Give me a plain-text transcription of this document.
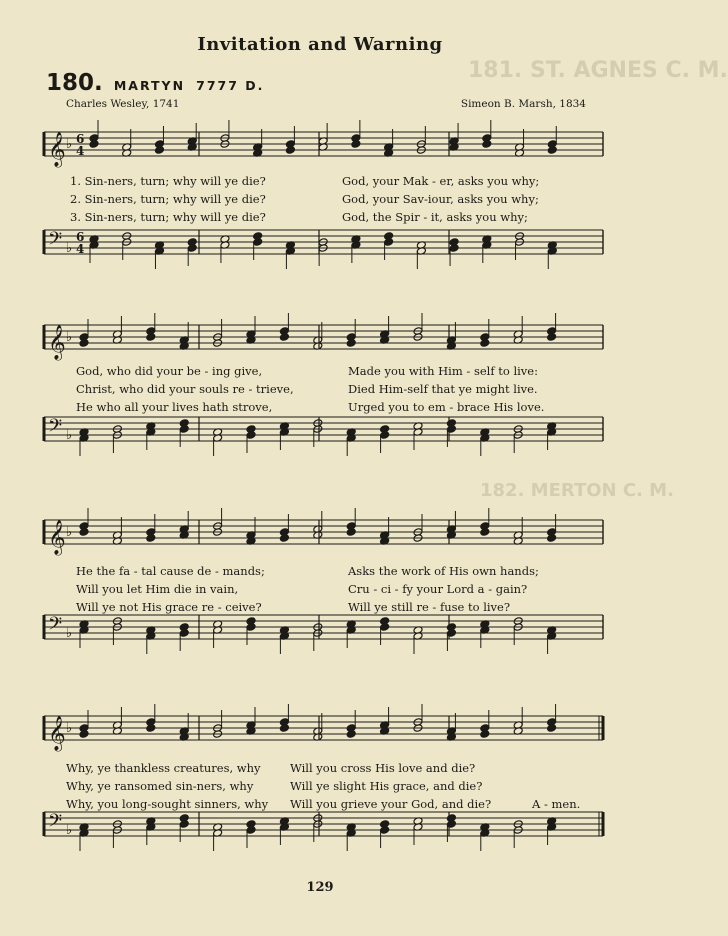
181. ST. AGNES C. M.
182. MERTON C. M.
Invitation and Warning
180. MARTYN 7777 D.
Charles Wesley, 1741	Simeon B. Marsh, 1834
𝄞 ♭ 6
4
1. Sin-ners, turn; why will ye die?	God, your Mak - er, asks you why;
2. Sin-ners, turn; why will ye die?	God, your Sav-iour, asks you why;
3. Sin-ners, turn; why will ye die?	God, the Spir - it, asks you why;
𝄢 ♭
6
4
𝄞 ♭
God, who did your be - ing give,	Made you with Him - self to live:
Christ, who did your souls re - trieve,	Died Him-self that ye might live.
He who all your lives hath strove,	Urged you to em - brace His love.
𝄢 ♭
𝄞 ♭
He the fa - tal cause de - mands;	Asks the work of His own hands;
Will you let Him die in vain,	Cru - ci - fy your Lord a - gain?
Will ye not His grace re - ceive?	Will ye still re - fuse to live?
𝄢 ♭
𝄞 ♭
Why, ye thankless creatures, why	Will you cross His love and die?
Why, ye ransomed sin-ners, why	Will ye slight His grace, and die?
Why, you long-sought sinners, why Will you grieve your God, and die?	A - men.
𝄢 ♭
129
